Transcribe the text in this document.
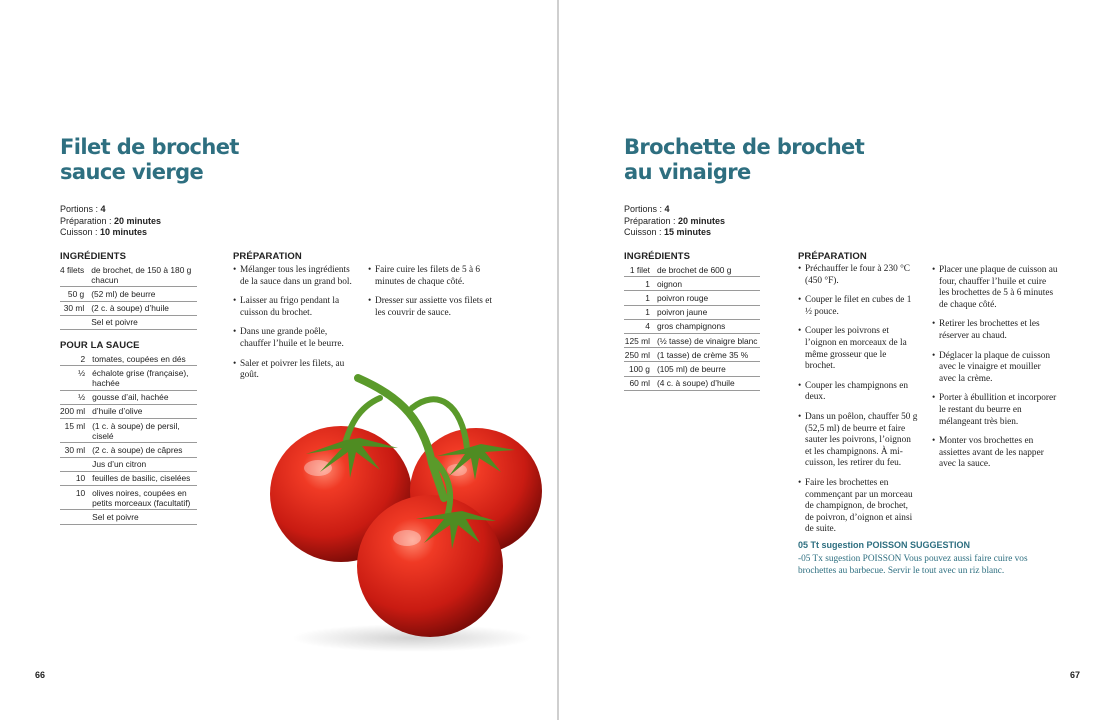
Filet de brochet
sauce vierge
Portions : 4
Préparation : 20 minutes
Cuisson : 10 minutes
INGRÉDIENTS
4 filets	de brochet, de 150 à 180 g chacun
50 g	(52 ml) de beurre
30 ml	(2 c. à soupe) d’huile
	Sel et poivre
POUR LA SAUCE
2	tomates, coupées en dés
½	échalote grise (française), hachée
½	gousse d’ail, hachée
200 ml	d’huile d’olive
15 ml	(1 c. à soupe) de persil, ciselé
30 ml	(2 c. à soupe) de câpres
	Jus d’un citron
10	feuilles de basilic, ciselées
10	olives noires, coupées en petits morceaux (facultatif)
	Sel et poivre
PRÉPARATION
• Mélanger tous les ingrédients de la sauce dans un grand bol.
• Laisser au frigo pendant la cuisson du brochet.
• Dans une grande poêle, chauffer l’huile et le beurre.
• Saler et poivrer les filets, au goût.
• Faire cuire les filets de 5 à 6 minutes de chaque côté.
• Dresser sur assiette vos filets et les couvrir de sauce.
66
Brochette de brochet
au vinaigre
Portions : 4
Préparation : 20 minutes
Cuisson : 15 minutes
INGRÉDIENTS
1 filet	de brochet de 600 g
1	oignon
1	poivron rouge
1	poivron jaune
4	gros champignons
125 ml	(½ tasse) de vinaigre blanc
250 ml	(1 tasse) de crème 35 %
100 g	(105 ml) de beurre
60 ml	(4 c. à soupe) d’huile
PRÉPARATION
• Préchauffer le four à 230 °C (450 °F).
• Couper le filet en cubes de 1 ½ pouce.
• Couper les poivrons et l’oignon en morceaux de la même grosseur que le brochet.
• Couper les champignons en deux.
• Dans un poêlon, chauffer 50 g (52,5 ml) de beurre et faire sauter les poivrons, l’oignon et les champignons. À mi-cuisson, les retirer du feu.
• Faire les brochettes en commençant par un morceau de champignon, de brochet, de poivron, d’oignon et ainsi de suite.
• Placer une plaque de cuisson au four, chauffer l’huile et cuire les brochettes de 5 à 6 minutes de chaque côté.
• Retirer les brochettes et les réserver au chaud.
• Déglacer la plaque de cuisson avec le vinaigre et mouiller avec la crème.
• Porter à ébullition et incorporer le restant du beurre en mélangeant très bien.
• Monter vos brochettes en assiettes avant de les napper avec la sauce.
05 Tt sugestion POISSON SUGGESTION
-05 Tx sugestion POISSON Vous pouvez aussi faire cuire vos brochettes au barbecue. Servir le tout avec un riz blanc.
67
